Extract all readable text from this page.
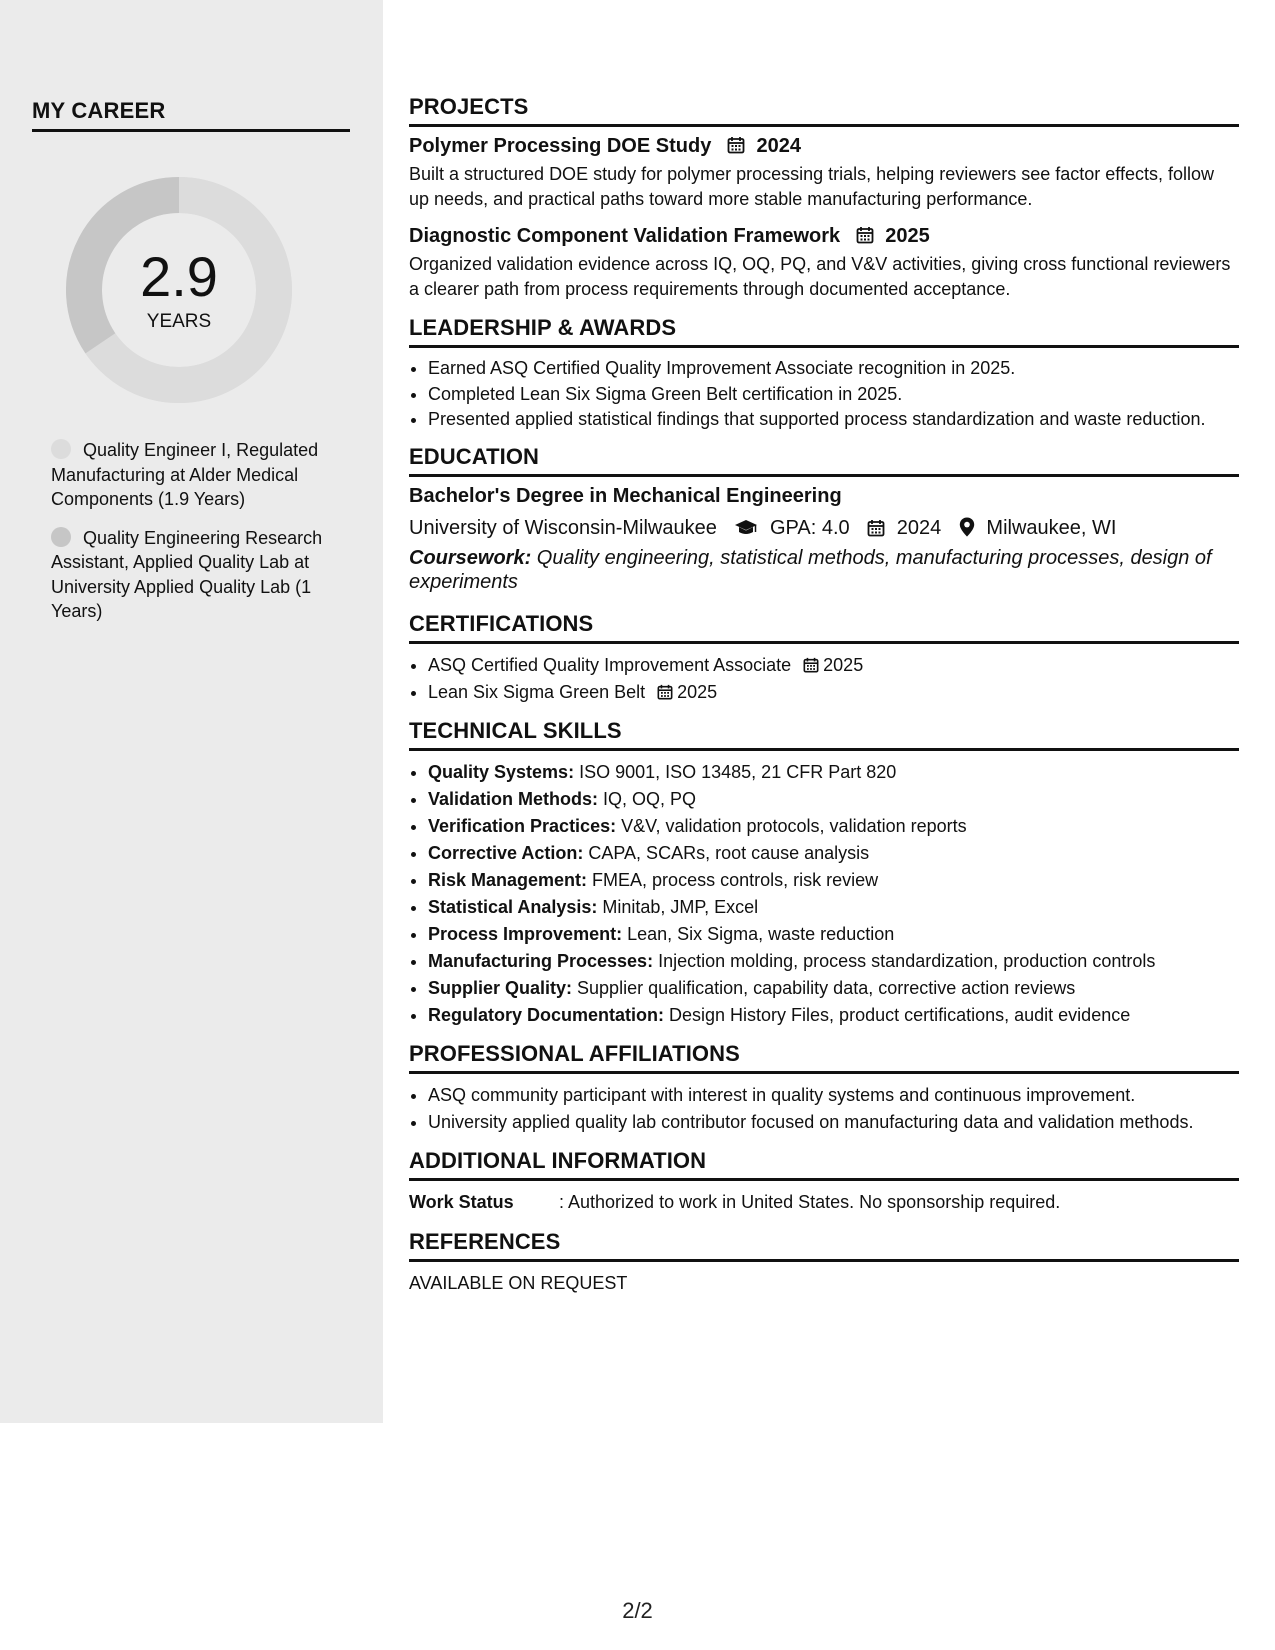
MY CAREER
2.9
YEARS
Quality Engineer I, Regulated Manufacturing at Alder Medical Components (1.9 Years)
Quality Engineering Research Assistant, Applied Quality Lab at University Applied Quality Lab (1 Years)
PROJECTS
Polymer Processing DOE Study 2024
Built a structured DOE study for polymer processing trials, helping reviewers see factor effects, follow up needs, and practical paths toward more stable manufacturing performance.
Diagnostic Component Validation Framework 2025
Organized validation evidence across IQ, OQ, PQ, and V&V activities, giving cross functional reviewers a clearer path from process requirements through documented acceptance.
LEADERSHIP & AWARDS
• Earned ASQ Certified Quality Improvement Associate recognition in 2025.
• Completed Lean Six Sigma Green Belt certification in 2025.
• Presented applied statistical findings that supported process standardization and waste reduction.
EDUCATION
Bachelor's Degree in Mechanical Engineering
University of Wisconsin-Milwaukee	GPA: 4.0 2024 Milwaukee, WI
Coursework: Quality engineering, statistical methods, manufacturing processes, design of experiments
CERTIFICATIONS
• ASQ Certified Quality Improvement Associate 2025
• Lean Six Sigma Green Belt 2025
TECHNICAL SKILLS
• Quality Systems: ISO 9001, ISO 13485, 21 CFR Part 820
• Validation Methods: IQ, OQ, PQ
• Verification Practices: V&V, validation protocols, validation reports
• Corrective Action: CAPA, SCARs, root cause analysis
• Risk Management: FMEA, process controls, risk review
• Statistical Analysis: Minitab, JMP, Excel
• Process Improvement: Lean, Six Sigma, waste reduction
• Manufacturing Processes: Injection molding, process standardization, production controls
• Supplier Quality: Supplier qualification, capability data, corrective action reviews
• Regulatory Documentation: Design History Files, product certifications, audit evidence
PROFESSIONAL AFFILIATIONS
• ASQ community participant with interest in quality systems and continuous improvement.
• University applied quality lab contributor focused on manufacturing data and validation methods.
ADDITIONAL INFORMATION
Work Status	: Authorized to work in United States. No sponsorship required.
REFERENCES
AVAILABLE ON REQUEST
2/2
